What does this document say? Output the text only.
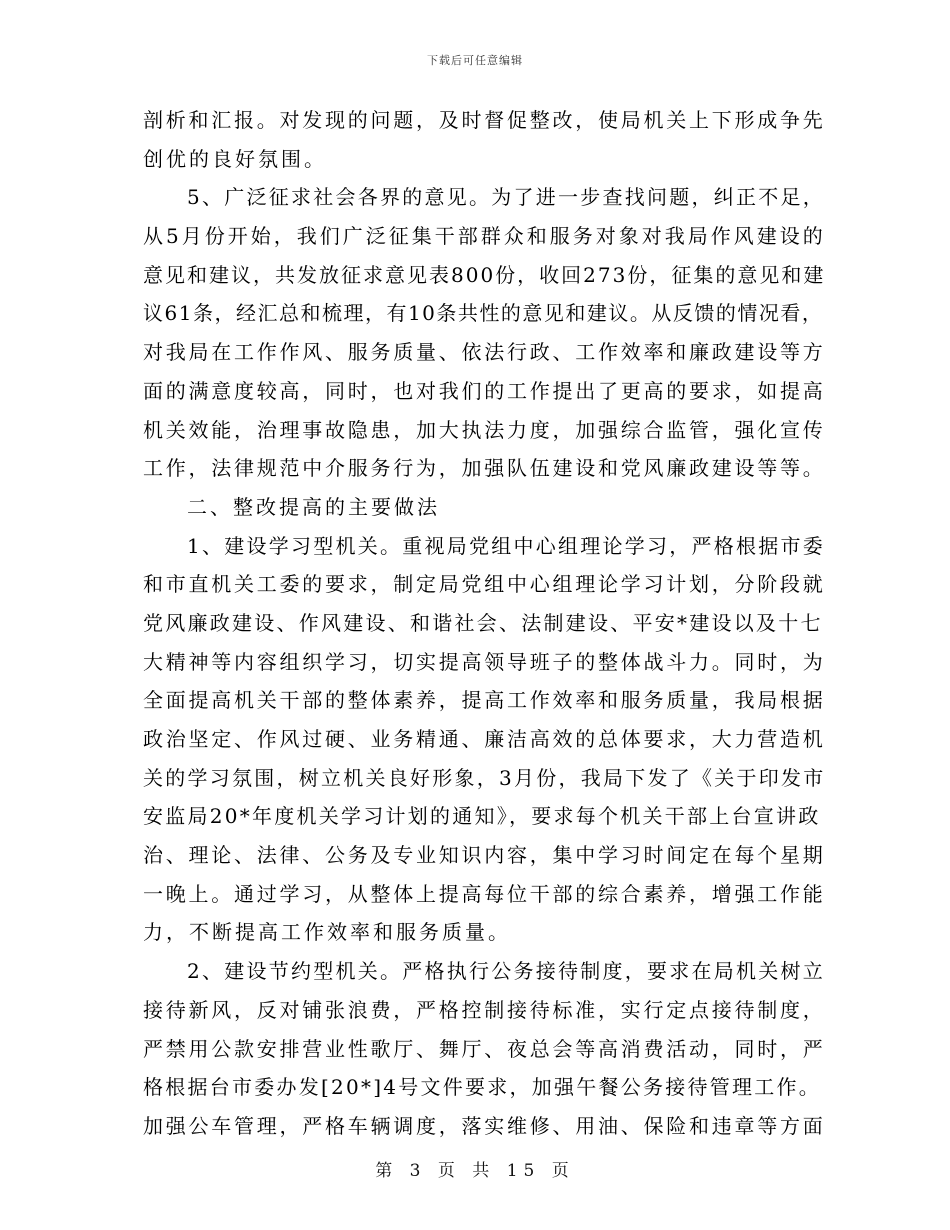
下载后可任意编辑
剖析和汇报。对发现的问题，及时督促整改，使局机关上下形成争先
创优的良好氛围。
5、广泛征求社会各界的意见。为了进一步查找问题，纠正不足，
从5月份开始，我们广泛征集干部群众和服务对象对我局作风建设的
意见和建议，共发放征求意见表800份，收回273份，征集的意见和建
议61条，经汇总和梳理，有10条共性的意见和建议。从反馈的情况看，
对我局在工作作风、服务质量、依法行政、工作效率和廉政建设等方
面的满意度较高，同时，也对我们的工作提出了更高的要求，如提高
机关效能，治理事故隐患，加大执法力度，加强综合监管，强化宣传
工作，法律规范中介服务行为，加强队伍建设和党风廉政建设等等。
二、整改提高的主要做法
1、建设学习型机关。重视局党组中心组理论学习，严格根据市委
和市直机关工委的要求，制定局党组中心组理论学习计划，分阶段就
党风廉政建设、作风建设、和谐社会、法制建设、平安*建设以及十七
大精神等内容组织学习，切实提高领导班子的整体战斗力。同时，为
全面提高机关干部的整体素养，提高工作效率和服务质量，我局根据
政治坚定、作风过硬、业务精通、廉洁高效的总体要求，大力营造机
关的学习氛围，树立机关良好形象，3月份，我局下发了《关于印发市
安监局20*年度机关学习计划的通知》，要求每个机关干部上台宣讲政
治、理论、法律、公务及专业知识内容，集中学习时间定在每个星期
一晚上。通过学习，从整体上提高每位干部的综合素养，增强工作能
力，不断提高工作效率和服务质量。
2、建设节约型机关。严格执行公务接待制度，要求在局机关树立
接待新风，反对铺张浪费，严格控制接待标准，实行定点接待制度，
严禁用公款安排营业性歌厅、舞厅、夜总会等高消费活动，同时，严
格根据台市委办发[20*]4号文件要求，加强午餐公务接待管理工作。
加强公车管理，严格车辆调度，落实维修、用油、保险和违章等方面
第 3 页 共 15 页
